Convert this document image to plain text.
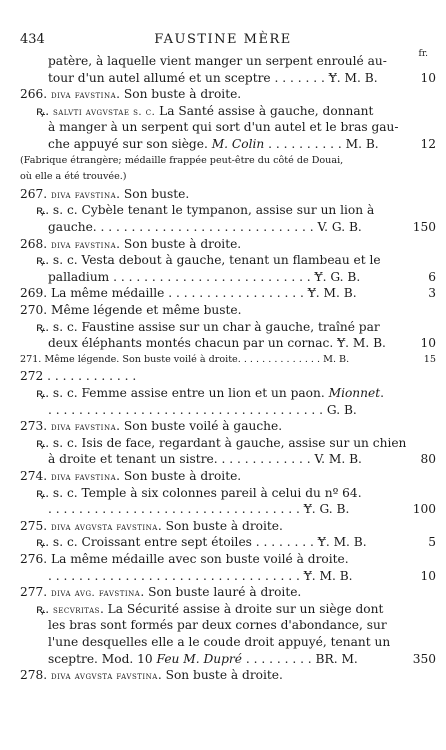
434	FAUSTINE MÈRE
fr.
patère, à laquelle vient manger un serpent enroulé au-
tour d'un autel allumé et un sceptre . . . . . . . Ɏ. M. B.	10
266. diva favstina. Son buste à droite.
ꝶ. salvti avgvstae s. c. La Santé assise à gauche, donnant
à manger à un serpent qui sort d'un autel et le bras gau-
che appuyé sur son siège. M. Colin . . . . . . . . . . M. B.	12
(Fabrique étrangère; médaille frappée peut-être du côté de Douai,
où elle a été trouvée.)
267. diva favstina. Son buste.
ꝶ. s. c. Cybèle tenant le tympanon, assise sur un lion à
gauche. . . . . . . . . . . . . . . . . . . . . . . . . . . . . V. G. B.	150
268. diva favstina. Son buste à droite.
ꝶ. s. c. Vesta debout à gauche, tenant un flambeau et le
palladium . . . . . . . . . . . . . . . . . . . . . . . . . . Ɏ. G. B.	6
269. La même médaille . . . . . . . . . . . . . . . . . . Ɏ. M. B.	3
270. Même légende et même buste.
ꝶ. s. c. Faustine assise sur un char à gauche, traîné par
deux éléphants montés chacun par un cornac. Ɏ. M. B.	10
271. Même légende. Son buste voilé à droite. . . . . . . . . . . . . . M. B.	15
272 . . . . . . . . . . . .
ꝶ. s. c. Femme assise entre un lion et un paon. Mionnet.
. . . . . . . . . . . . . . . . . . . . . . . . . . . . . . . . . . . . G. B.
273. diva favstina. Son buste voilé à gauche.
ꝶ. s. c. Isis de face, regardant à gauche, assise sur un chien
à droite et tenant un sistre. . . . . . . . . . . . . V. M. B.	80
274. diva favstina. Son buste à droite.
ꝶ. s. c. Temple à six colonnes pareil à celui du nº 64.
. . . . . . . . . . . . . . . . . . . . . . . . . . . . . . . . . Ɏ. G. B.	100
275. diva avgvsta favstina. Son buste à droite.
ꝶ. s. c. Croissant entre sept étoiles . . . . . . . . Ɏ. M. B.	5
276. La même médaille avec son buste voilé à droite.
. . . . . . . . . . . . . . . . . . . . . . . . . . . . . . . . . Ɏ. M. B.	10
277. diva avg. favstina. Son buste lauré à droite.
ꝶ. secvritas. La Sécurité assise à droite sur un siège dont
les bras sont formés par deux cornes d'abondance, sur
l'une desquelles elle a le coude droit appuyé, tenant un
sceptre. Mod. 10 Feu M. Dupré . . . . . . . . . BR. M.	350
278. diva avgvsta favstina. Son buste à droite.
